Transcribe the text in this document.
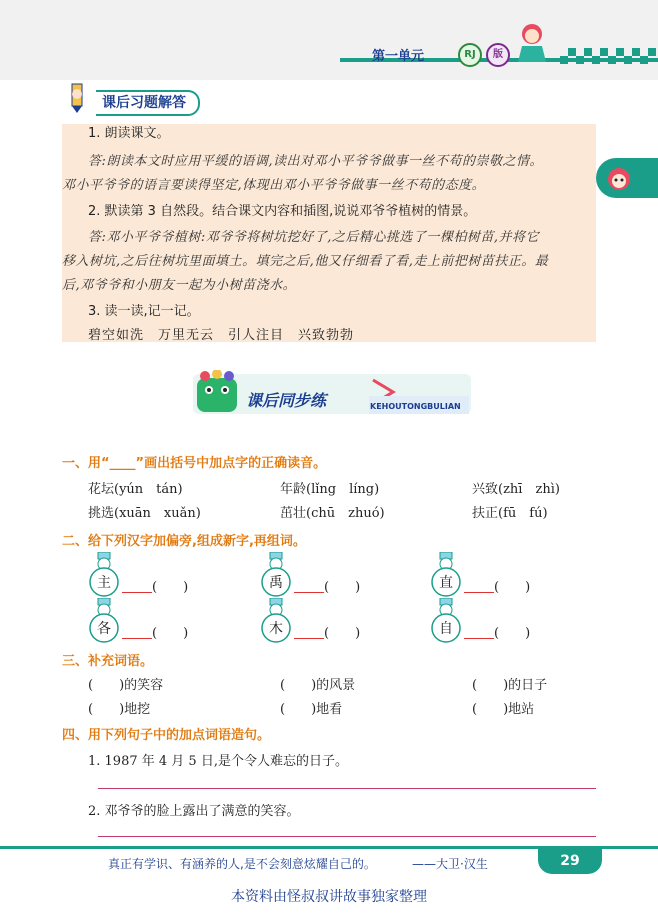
第一单元	RJ	版
课后习题解答
1. 朗读课文。
答:朗读本文时应用平缓的语调,读出对邓小平爷爷做事一丝不苟的崇敬之情。
邓小平爷爷的语言要读得坚定,体现出邓小平爷爷做事一丝不苟的态度。
2. 默读第 3 自然段。结合课文内容和插图,说说邓爷爷植树的情景。
答:邓小平爷爷植树:邓爷爷将树坑挖好了,之后精心挑选了一棵柏树苗,并将它
移入树坑,之后往树坑里面填土。填完之后,他又仔细看了看,走上前把树苗扶正。最
后,邓爷爷和小朋友一起为小树苗浇水。
3. 读一读,记一记。
碧空如洗　万里无云　引人注目　兴致勃勃
课后同步练	KEHOUTONGBULIAN
一、用“____”画出括号中加点字的正确读音。
花坛(yún　tán)	年龄(lǐng　líng)	兴致(zhī　zhì)
挑选(xuān　xuǎn)	茁壮(chū　zhuó)	扶正(fū　fú)
二、给下列汉字加偏旁,组成新字,再组词。
主	(　　)	禹	(　　)	直	(　　)
各	(　　)	木	(　　)	自	(　　)
三、补充词语。
(　　)的笑容	(　　)的风景	(　　)的日子
(　　)地挖	(　　)地看	(　　)地站
四、用下列句子中的加点词语造句。
1. 1987 年 4 月 5 日,是个令人难忘的日子。
2. 邓爷爷的脸上露出了满意的笑容。
真正有学识、有涵养的人,是不会刻意炫耀自己的。	——大卫·汉生	29
本资料由怪叔叔讲故事独家整理
